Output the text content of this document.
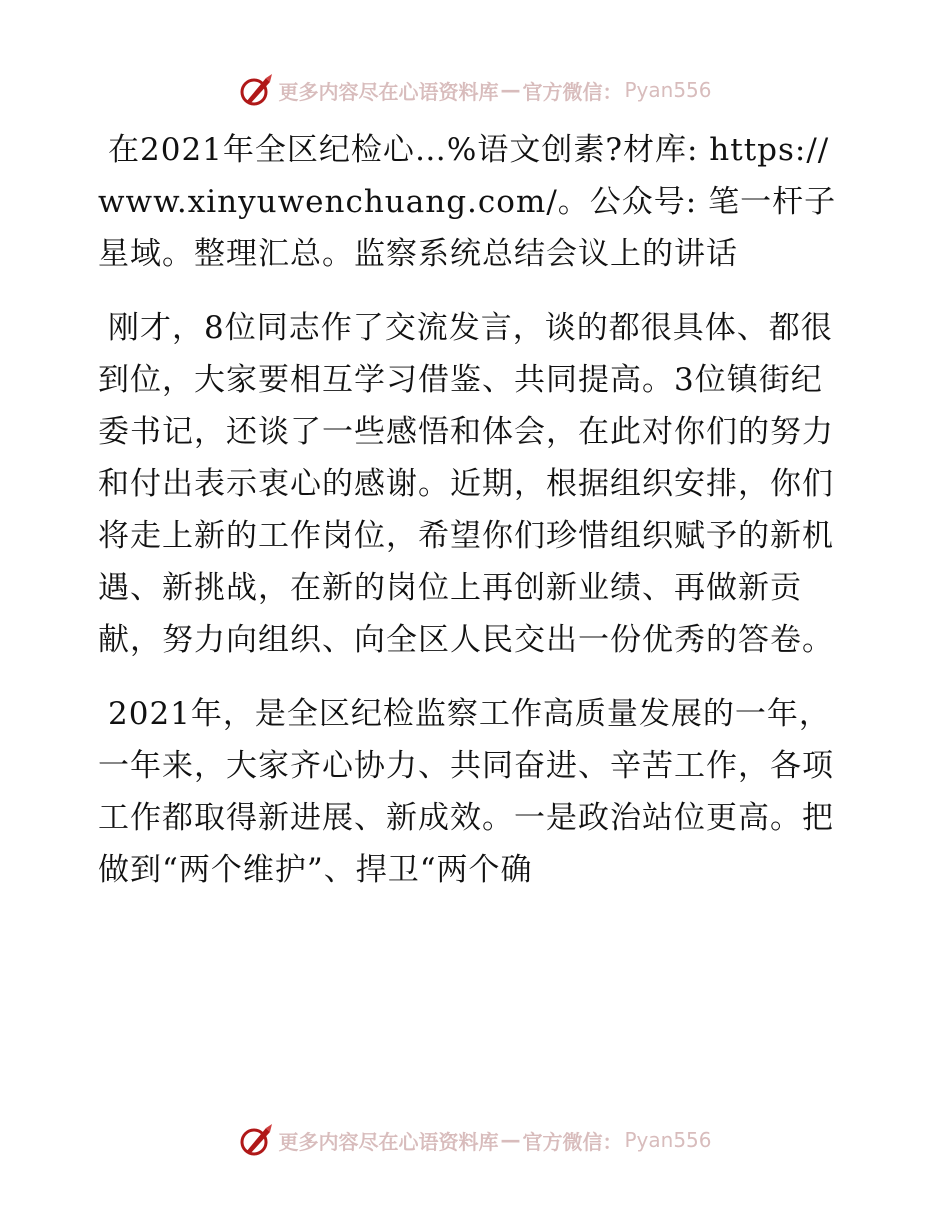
更多内容尽在心语资料库 — 官方微信： Pyan556

在2021年全区纪检心…%语文创素?材库: https://www.xinyuwenchuang.com/。公众号: 笔一杆子星域。整理汇总。监察系统总结会议上的讲话

刚才，8位同志作了交流发言，谈的都很具体、都很到位，大家要相互学习借鉴、共同提高。3位镇街纪委书记，还谈了一些感悟和体会，在此对你们的努力和付出表示衷心的感谢。近期，根据组织安排，你们将走上新的工作岗位，希望你们珍惜组织赋予的新机遇、新挑战，在新的岗位上再创新业绩、再做新贡献，努力向组织、向全区人民交出一份优秀的答卷。

2021年，是全区纪检监察工作高质量发展的一年，一年来，大家齐心协力、共同奋进、辛苦工作，各项工作都取得新进展、新成效。一是政治站位更高。把做到“两个维护”、捍卫“两个确

更多内容尽在心语资料库 — 官方微信： Pyan556
